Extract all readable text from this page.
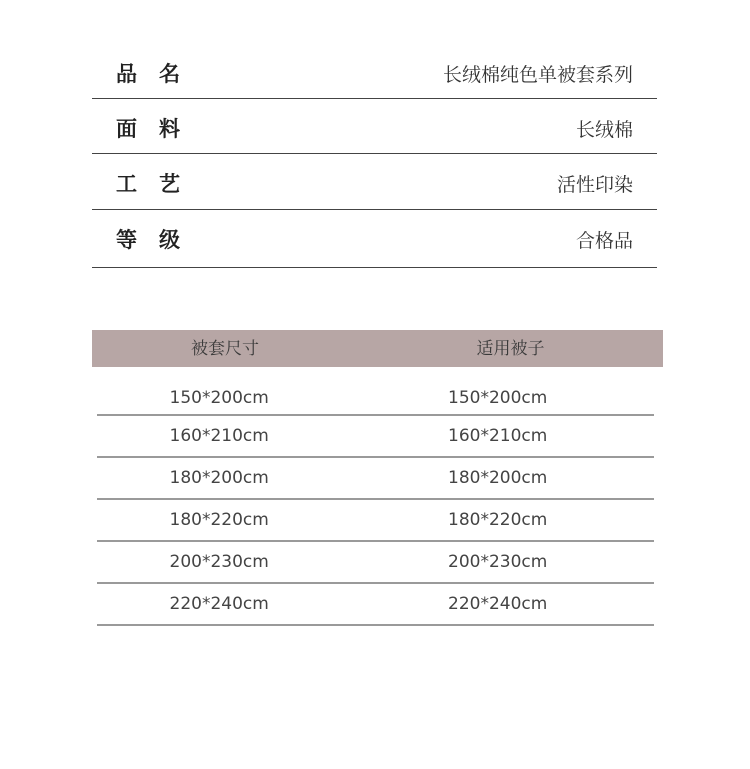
品名	长绒棉纯色单被套系列
面料	长绒棉
工艺	活性印染
等级	合格品
被套尺寸	适用被子
150*200cm	150*200cm
160*210cm	160*210cm
180*200cm	180*200cm
180*220cm	180*220cm
200*230cm	200*230cm
220*240cm	220*240cm
